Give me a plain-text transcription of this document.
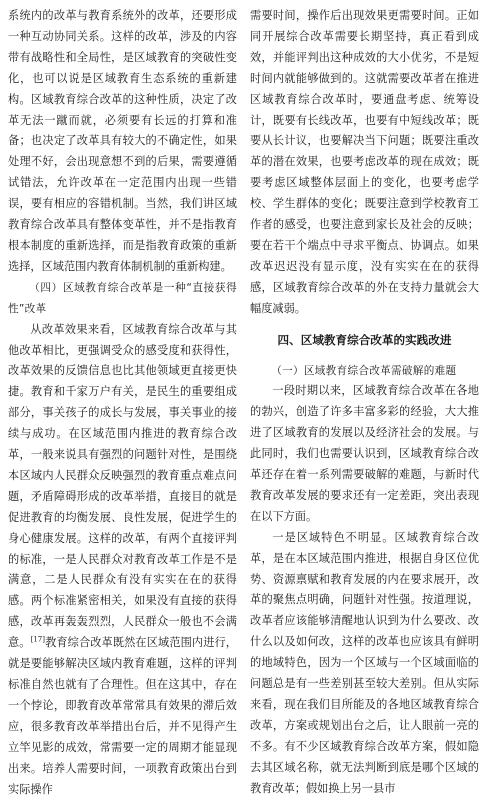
系统内的改革与教育系统外的改革，还要形成一种互动协同关系。这样的改革，涉及的内容带有战略性和全局性，是区域教育的突破性变化，也可以说是区域教育生态系统的重新建构。区域教育综合改革的这种性质，决定了改革无法一蹴而就，必须要有长远的打算和准备；也决定了改革具有较大的不确定性，如果处理不好，会出现意想不到的后果，需要遵循试错法，允许改革在一定范围内出现一些错误，要有相应的容错机制。当然，我们讲区域教育综合改革具有整体变革性，并不是指教育根本制度的重新选择，而是指教育政策的重新选择，区域范围内教育体制机制的重新构建。

（四）区域教育综合改革是一种“直接获得性”改革

从改革效果来看，区域教育综合改革与其他改革相比，更强调受众的感受度和获得性，改革效果的反馈信息也比其他领域更直接更快捷。教育和千家万户有关，是民生的重要组成部分，事关孩子的成长与发展，事关事业的接续与成功。在区域范围内推进的教育综合改革，一般来说具有强烈的问题针对性，是围绕本区域内人民群众反映强烈的教育重点难点问题，矛盾障碍形成的改革举措，直接目的就是促进教育的均衡发展、良性发展，促进学生的身心健康发展。这样的改革，有两个直接评判的标准，一是人民群众对教育改革工作是不是满意，二是人民群众有没有实实在在的获得感。两个标准紧密相关，如果没有直接的获得感，改革再轰轰烈烈，人民群众一般也不会满意。[17]教育综合改革既然在区域范围内进行，就是要能够解决区域内教育难题，这样的评判标准自然也就有了合理性。但在这其中，存在一个悖论，即教育改革常常具有效果的滞后效应，很多教育改革举措出台后，并不见得产生立竿见影的成效，常需要一定的周期才能显现出来。培养人需要时间，一项教育政策出台到实际操作

需要时间，操作后出现效果更需要时间。正如同开展综合改革需要长期坚持，真正看到成效，并能评判出这种成效的大小优劣，不是短时间内就能够做到的。这就需要改革者在推进区域教育综合改革时，要通盘考虑、统筹设计，既要有长线改革，也要有中短线改革；既要从长计议，也要解决当下问题；既要注重改革的潜在效果，也要考虑改革的现在成效；既要考虑区域整体层面上的变化，也要考虑学校、学生群体的变化；既要注意到学校教育工作者的感受，也要注意到家长及社会的反映；要在若干个端点中寻求平衡点、协调点。如果改革迟迟没有显示度，没有实实在在的获得感，区域教育综合改革的外在支持力量就会大幅度减弱。

四、区域教育综合改革的实践改进

（一）区域教育综合改革需破解的难题

一段时期以来，区域教育综合改革在各地的勃兴，创造了许多丰富多彩的经验，大大推进了区域教育的发展以及经济社会的发展。与此同时，我们也需要认识到，区域教育综合改革还存在着一系列需要破解的难题，与新时代教育改革发展的要求还有一定差距，突出表现在以下方面。

一是区域特色不明显。区域教育综合改革，是在本区域范围内推进，根据自身区位优势、资源禀赋和教育发展的内在要求展开，改革的聚焦点明确，问题针对性强。按道理说，改革者应该能够清醒地认识到为什么要改、改什么以及如何改，这样的改革也应该具有鲜明的地域特色，因为一个区域与一个区域面临的问题总是有一些差别甚至较大差别。但从实际来看，现在我们目所能及的各地区域教育综合改革，方案或规划出台之后，让人眼前一亮的不多。有不少区域教育综合改革方案，假如隐去其区域名称，就无法判断到底是哪个区域的教育改革；假如换上另一县市
